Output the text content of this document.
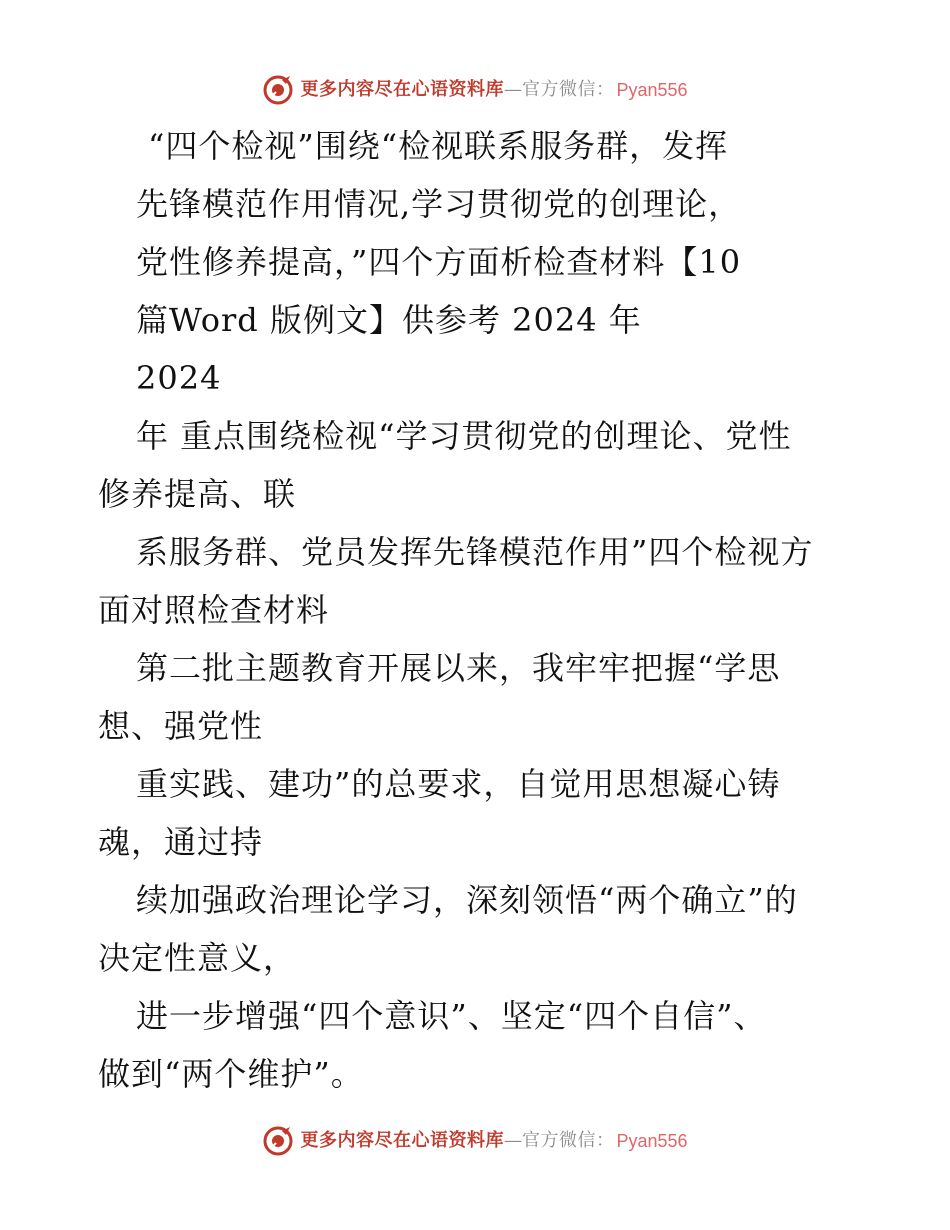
更多内容尽在心语资料库 — 官方微信： Pyan556
“四个检视”围绕“检视联系服务群，发挥
先锋模范作用情况,学习贯彻党的创理论，
党性修养提高，”四个方面析检查材料【10
篇Word 版例文】供参考 2024 年
2024
年 重点围绕检视“学习贯彻党的创理论、党性
修养提高、联
系服务群、党员发挥先锋模范作用”四个检视方
面对照检查材料
第二批主题教育开展以来，我牢牢把握“学思
想、强党性
重实践、建功”的总要求，自觉用思想凝心铸
魂，通过持
续加强政治理论学习，深刻领悟“两个确立”的
决定性意义，
进一步增强“四个意识”、坚定“四个自信”、
做到“两个维护”。
更多内容尽在心语资料库 — 官方微信： Pyan556
